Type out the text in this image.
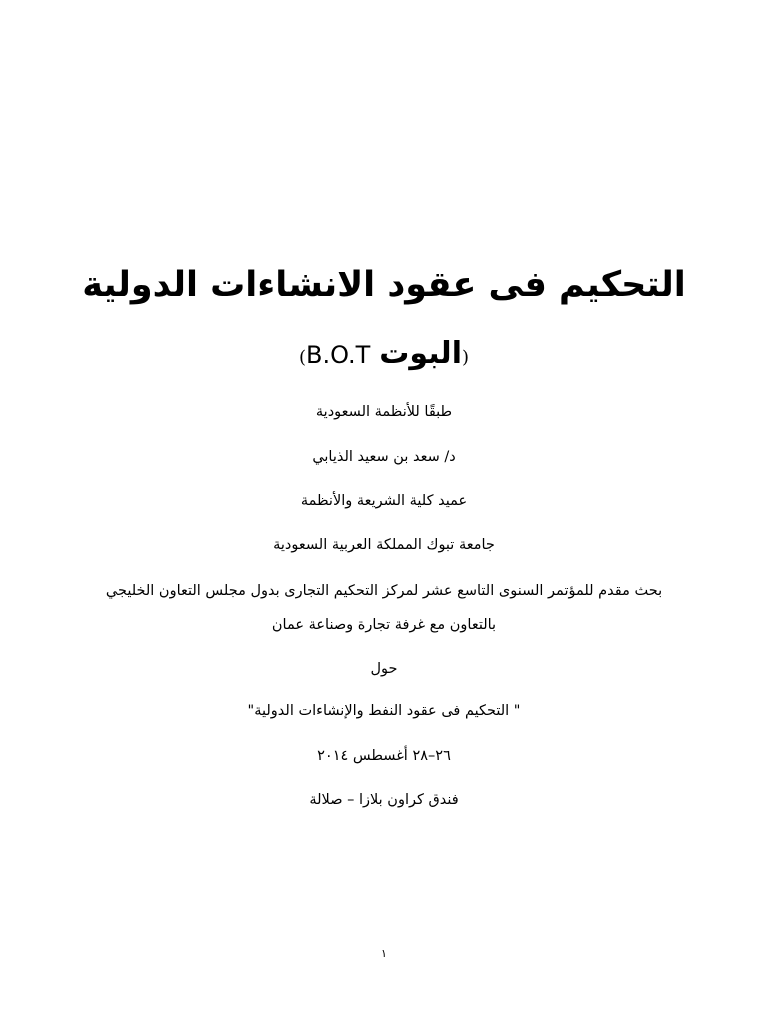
التحكيم فى عقود الانشاءات الدولية
(البوت B.O.T)
طبقًا للأنظمة السعودية
د/ سعد بن سعيد الذيابي
عميد كلية الشريعة والأنظمة
جامعة تبوك المملكة العربية السعودية
بحث مقدم للمؤتمر السنوى التاسع عشر لمركز التحكيم التجارى بدول مجلس التعاون الخليجي
بالتعاون مع غرفة تجارة وصناعة عمان
حول
" التحكيم فى عقود النفط والإنشاءات الدولية"
٢٦–٢٨ أغسطس ٢٠١٤
فندق كراون بلازا – صلالة
١
